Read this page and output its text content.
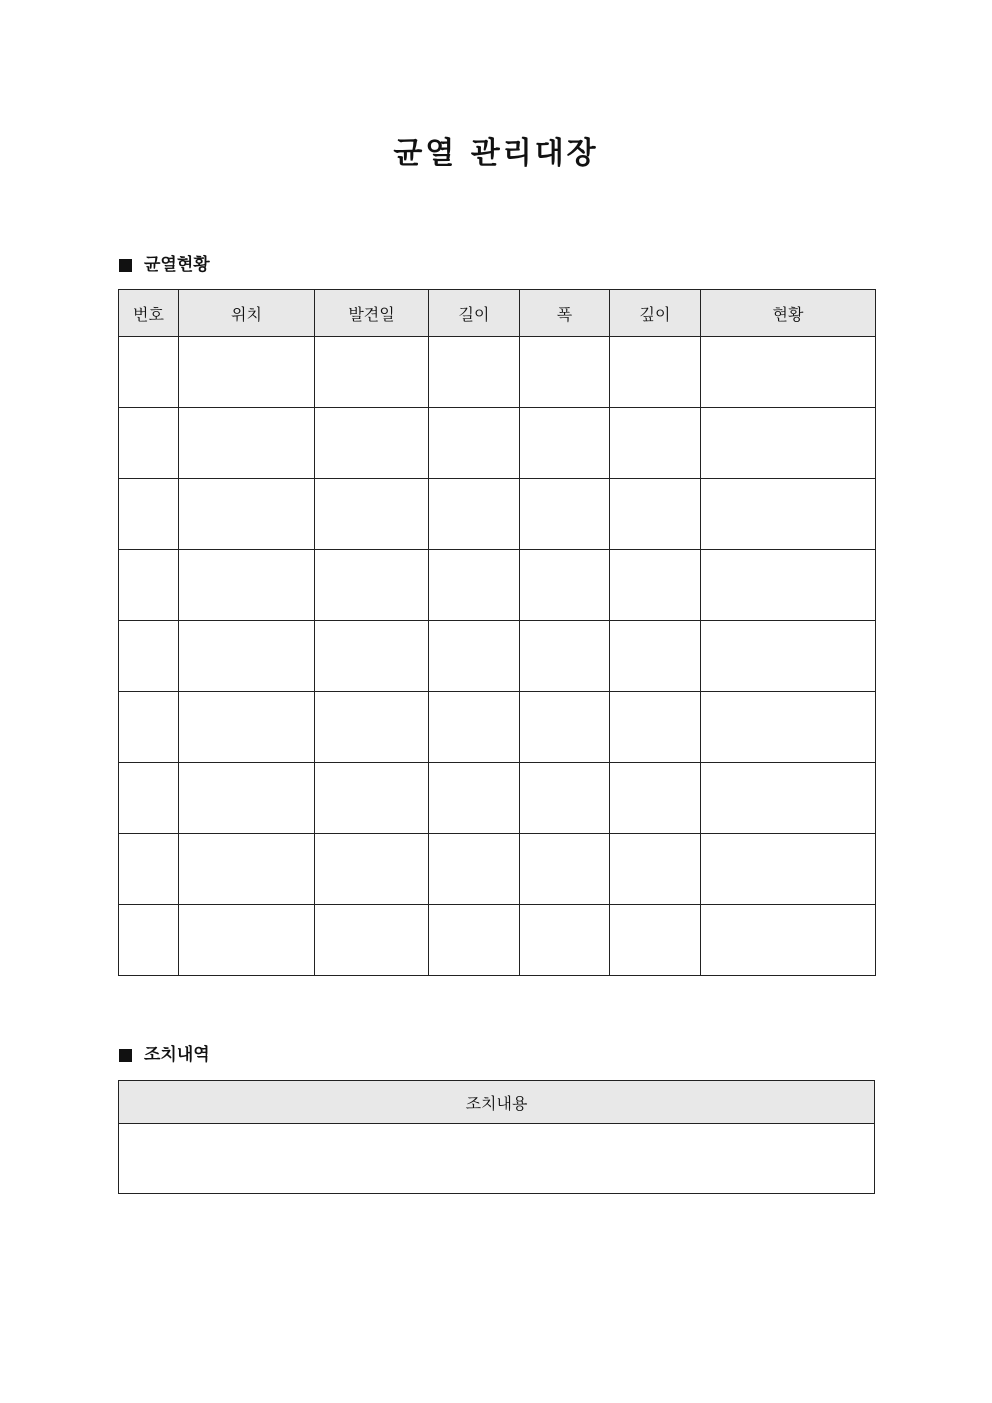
균열 관리대장
균열현황
번호	위치	발견일	길이	폭	깊이	현황

조치내역
조치내용
